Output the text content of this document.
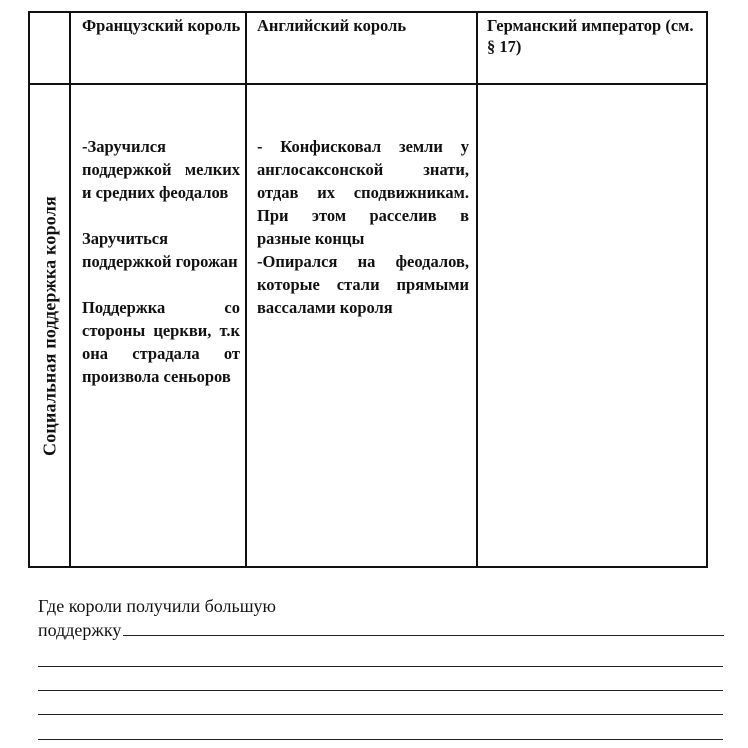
Французский король Английский король	Германский император (см. § 17)
Социальная поддержка короля

-Заручился поддержкой мелких и средних феодалов

Заручиться поддержкой горожан

Поддержка со стороны церкви, т.к она страдала от произвола сеньоров

- Конфисковал земли у англосаксонской знати, отдав их сподвижникам. При этом расселив в разные концы

-Опирался на феодалов, которые стали прямыми вассалами короля

Где короли получили большую
поддержку
